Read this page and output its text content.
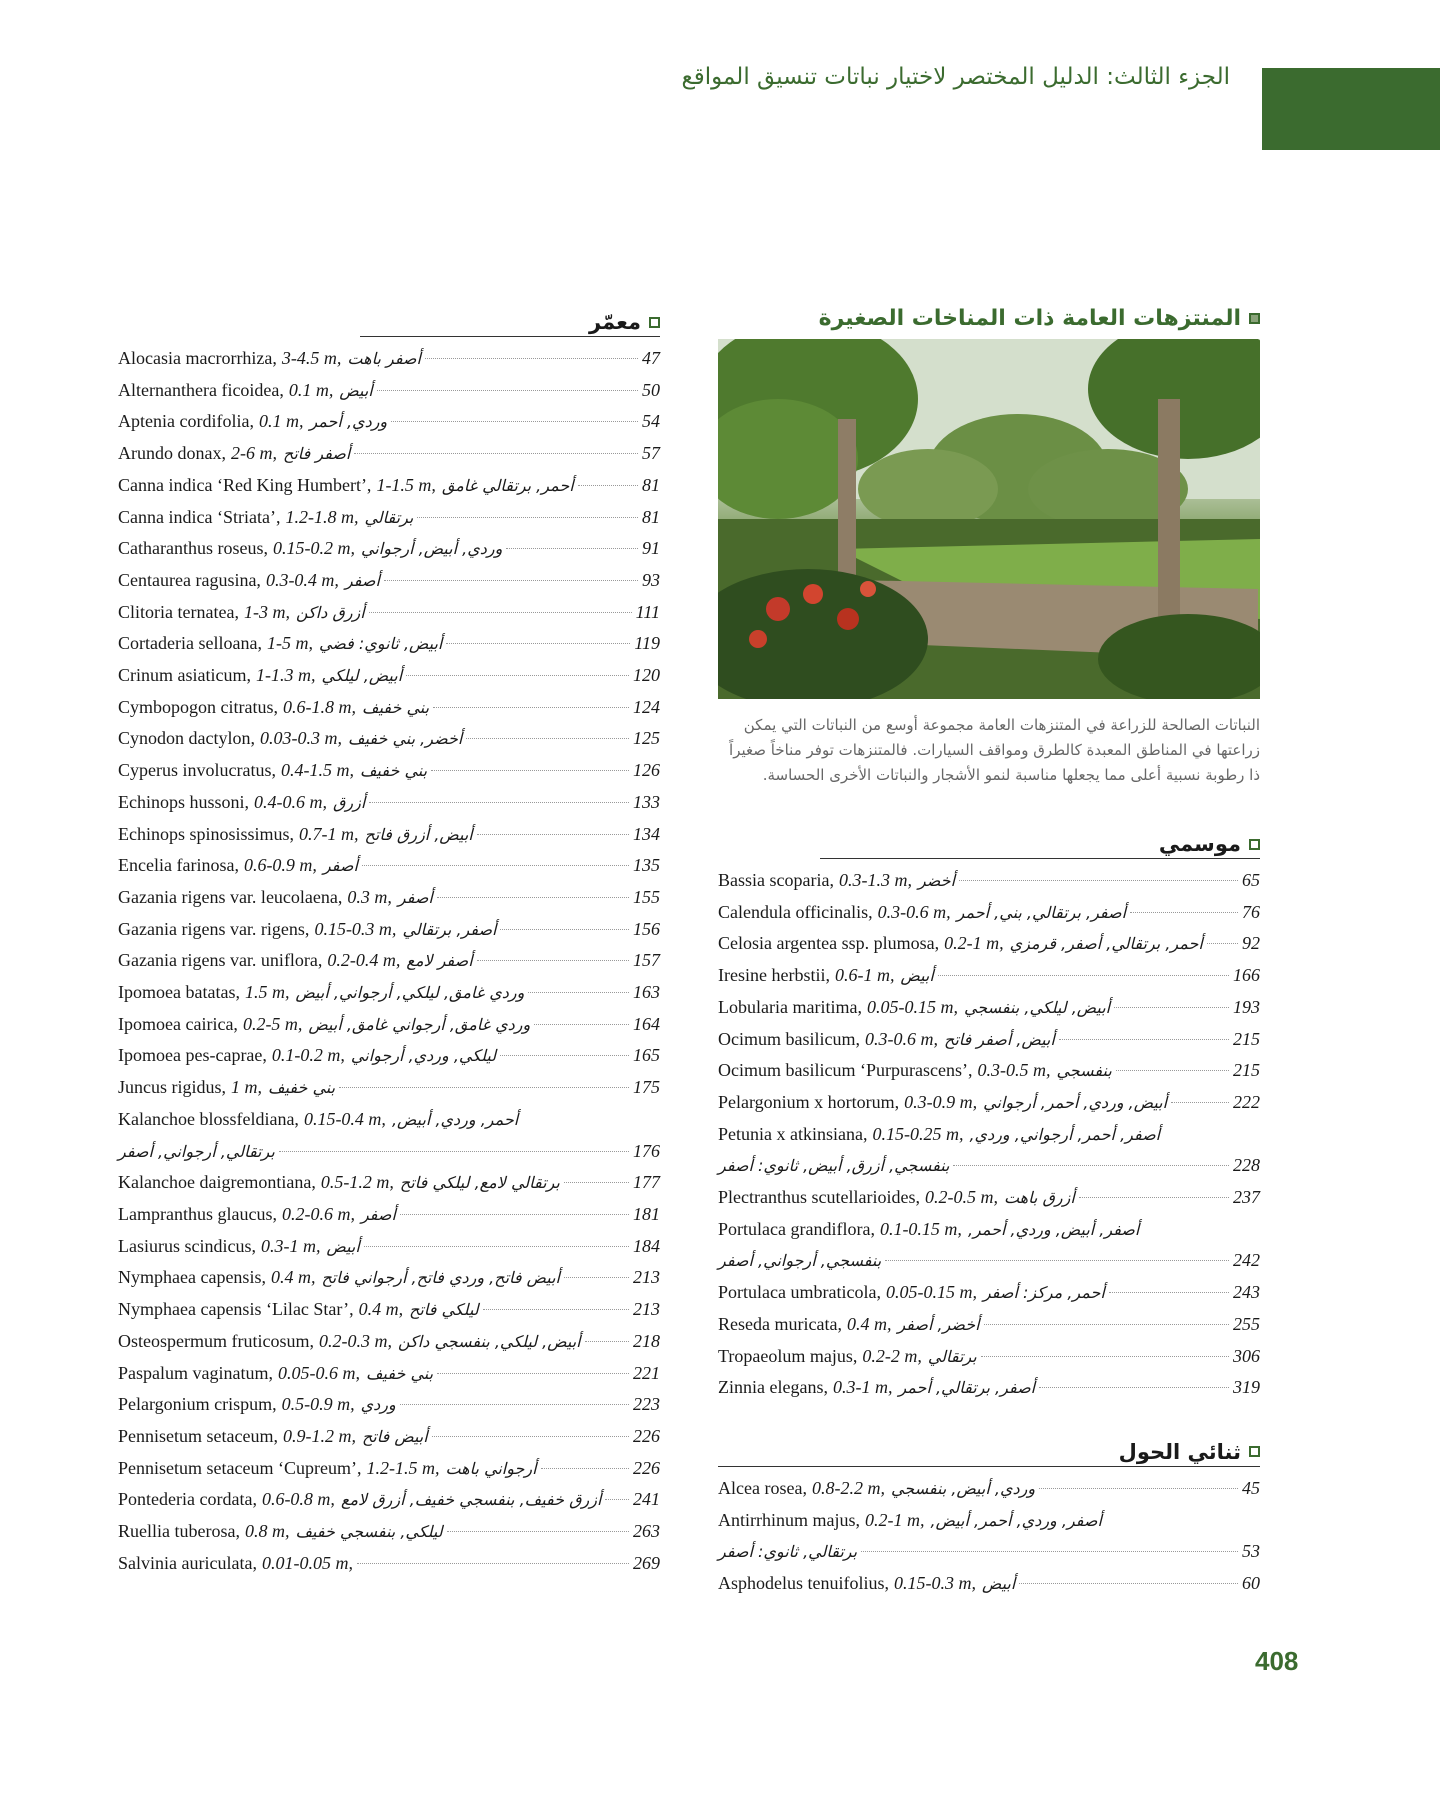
الجزء الثالث: الدليل المختصر لاختيار نباتات تنسيق المواقع
معمّر
Alocasia macrorrhiza, 3-4.5 m, أصفر باهت	47
Alternanthera ficoidea, 0.1 m, أبيض	50
Aptenia cordifolia, 0.1 m, وردي, أحمر	54
Arundo donax, 2-6 m, أصفر فاتح	57
Canna indica ‘Red King Humbert’, 1-1.5 m, أحمر, برتقالي غامق	81
Canna indica ‘Striata’, 1.2-1.8 m, برتقالي	81
Catharanthus roseus, 0.15-0.2 m, وردي, أبيض, أرجواني	91
Centaurea ragusina, 0.3-0.4 m, أصفر	93
Clitoria ternatea, 1-3 m, أزرق داكن	111
Cortaderia selloana, 1-5 m, أبيض, ثانوي: فضي	119
Crinum asiaticum, 1-1.3 m, أبيض, ليلكي	120
Cymbopogon citratus, 0.6-1.8 m, بني خفيف	124
Cynodon dactylon, 0.03-0.3 m, أخضر, بني خفيف	125
Cyperus involucratus, 0.4-1.5 m, بني خفيف	126
Echinops hussoni, 0.4-0.6 m, أزرق	133
Echinops spinosissimus, 0.7-1 m, أبيض, أزرق فاتح	134
Encelia farinosa, 0.6-0.9 m, أصفر	135
Gazania rigens var. leucolaena, 0.3 m, أصفر	155
Gazania rigens var. rigens, 0.15-0.3 m, أصفر, برتقالي	156
Gazania rigens var. uniflora, 0.2-0.4 m, أصفر لامع	157
Ipomoea batatas, 1.5 m, وردي غامق, ليلكي, أرجواني, أبيض	163
Ipomoea cairica, 0.2-5 m, وردي غامق, أرجواني غامق, أبيض	164
Ipomoea pes-caprae, 0.1-0.2 m, ليلكي, وردي, أرجواني	165
Juncus rigidus, 1 m, بني خفيف	175
Kalanchoe blossfeldiana, 0.15-0.4 m, أحمر, وردي, أبيض,
برتقالي, أرجواني, أصفر	176
Kalanchoe daigremontiana, 0.5-1.2 m, برتقالي لامع, ليلكي فاتح	177
Lampranthus glaucus, 0.2-0.6 m, أصفر	181
Lasiurus scindicus, 0.3-1 m, أبيض	184
Nymphaea capensis, 0.4 m, أبيض فاتح, وردي فاتح, أرجواني فاتح	213
Nymphaea capensis ‘Lilac Star’, 0.4 m, ليلكي فاتح	213
Osteospermum fruticosum, 0.2-0.3 m, أبيض, ليلكي, بنفسجي داكن	218
Paspalum vaginatum, 0.05-0.6 m, بني خفيف	221
Pelargonium crispum, 0.5-0.9 m, وردي	223
Pennisetum setaceum, 0.9-1.2 m, أبيض فاتح	226
Pennisetum setaceum ‘Cupreum’, 1.2-1.5 m, أرجواني باهت	226
Pontederia cordata, 0.6-0.8 m, أزرق خفيف, بنفسجي خفيف, أزرق لامع 241
Ruellia tuberosa, 0.8 m, ليلكي, بنفسجي خفيف	263
Salvinia auriculata, 0.01-0.05 m,	269
المنتزهات العامة ذات المناخات الصغيرة
النباتات الصالحة للزراعة في المتنزهات العامة مجموعة أوسع من النباتات التي يمكن زراعتها في المناطق المعبدة كالطرق ومواقف السيارات. فالمتنزهات توفر مناخاً صغيراً ذا رطوبة نسبية أعلى مما يجعلها مناسبة لنمو الأشجار والنباتات الأخرى الحساسة.
موسمي
Bassia scoparia, 0.3-1.3 m, أخضر	65
Calendula officinalis, 0.3-0.6 m, أصفر, برتقالي, بني, أحمر	76
Celosia argentea ssp. plumosa, 0.2-1 m, أحمر, برتقالي, أصفر, قرمزي 92
Iresine herbstii, 0.6-1 m, أبيض	166
Lobularia maritima, 0.05-0.15 m, أبيض, ليلكي, بنفسجي	193
Ocimum basilicum, 0.3-0.6 m, أبيض, أصفر فاتح	215
Ocimum basilicum ‘Purpurascens’, 0.3-0.5 m, بنفسجي	215
Pelargonium x hortorum, 0.3-0.9 m, أبيض, وردي, أحمر, أرجواني	222
Petunia x atkinsiana, 0.15-0.25 m, أصفر, أحمر, أرجواني, وردي,
بنفسجي, أزرق, أبيض, ثانوي: أصفر	228
Plectranthus scutellarioides, 0.2-0.5 m, أزرق باهت	237
Portulaca grandiflora, 0.1-0.15 m, أصفر, أبيض, وردي, أحمر,
بنفسجي, أرجواني, أصفر	242
Portulaca umbraticola, 0.05-0.15 m, أحمر, مركز: أصفر	243
Reseda muricata, 0.4 m, أخضر, أصفر	255
Tropaeolum majus, 0.2-2 m, برتقالي	306
Zinnia elegans, 0.3-1 m, أصفر, برتقالي, أحمر	319
ثنائي الحول
Alcea rosea, 0.8-2.2 m, وردي, أبيض, بنفسجي	45
Antirrhinum majus, 0.2-1 m, أصفر, وردي, أحمر, أبيض,
برتقالي, ثانوي: أصفر	53
Asphodelus tenuifolius, 0.15-0.3 m, أبيض	60
408
